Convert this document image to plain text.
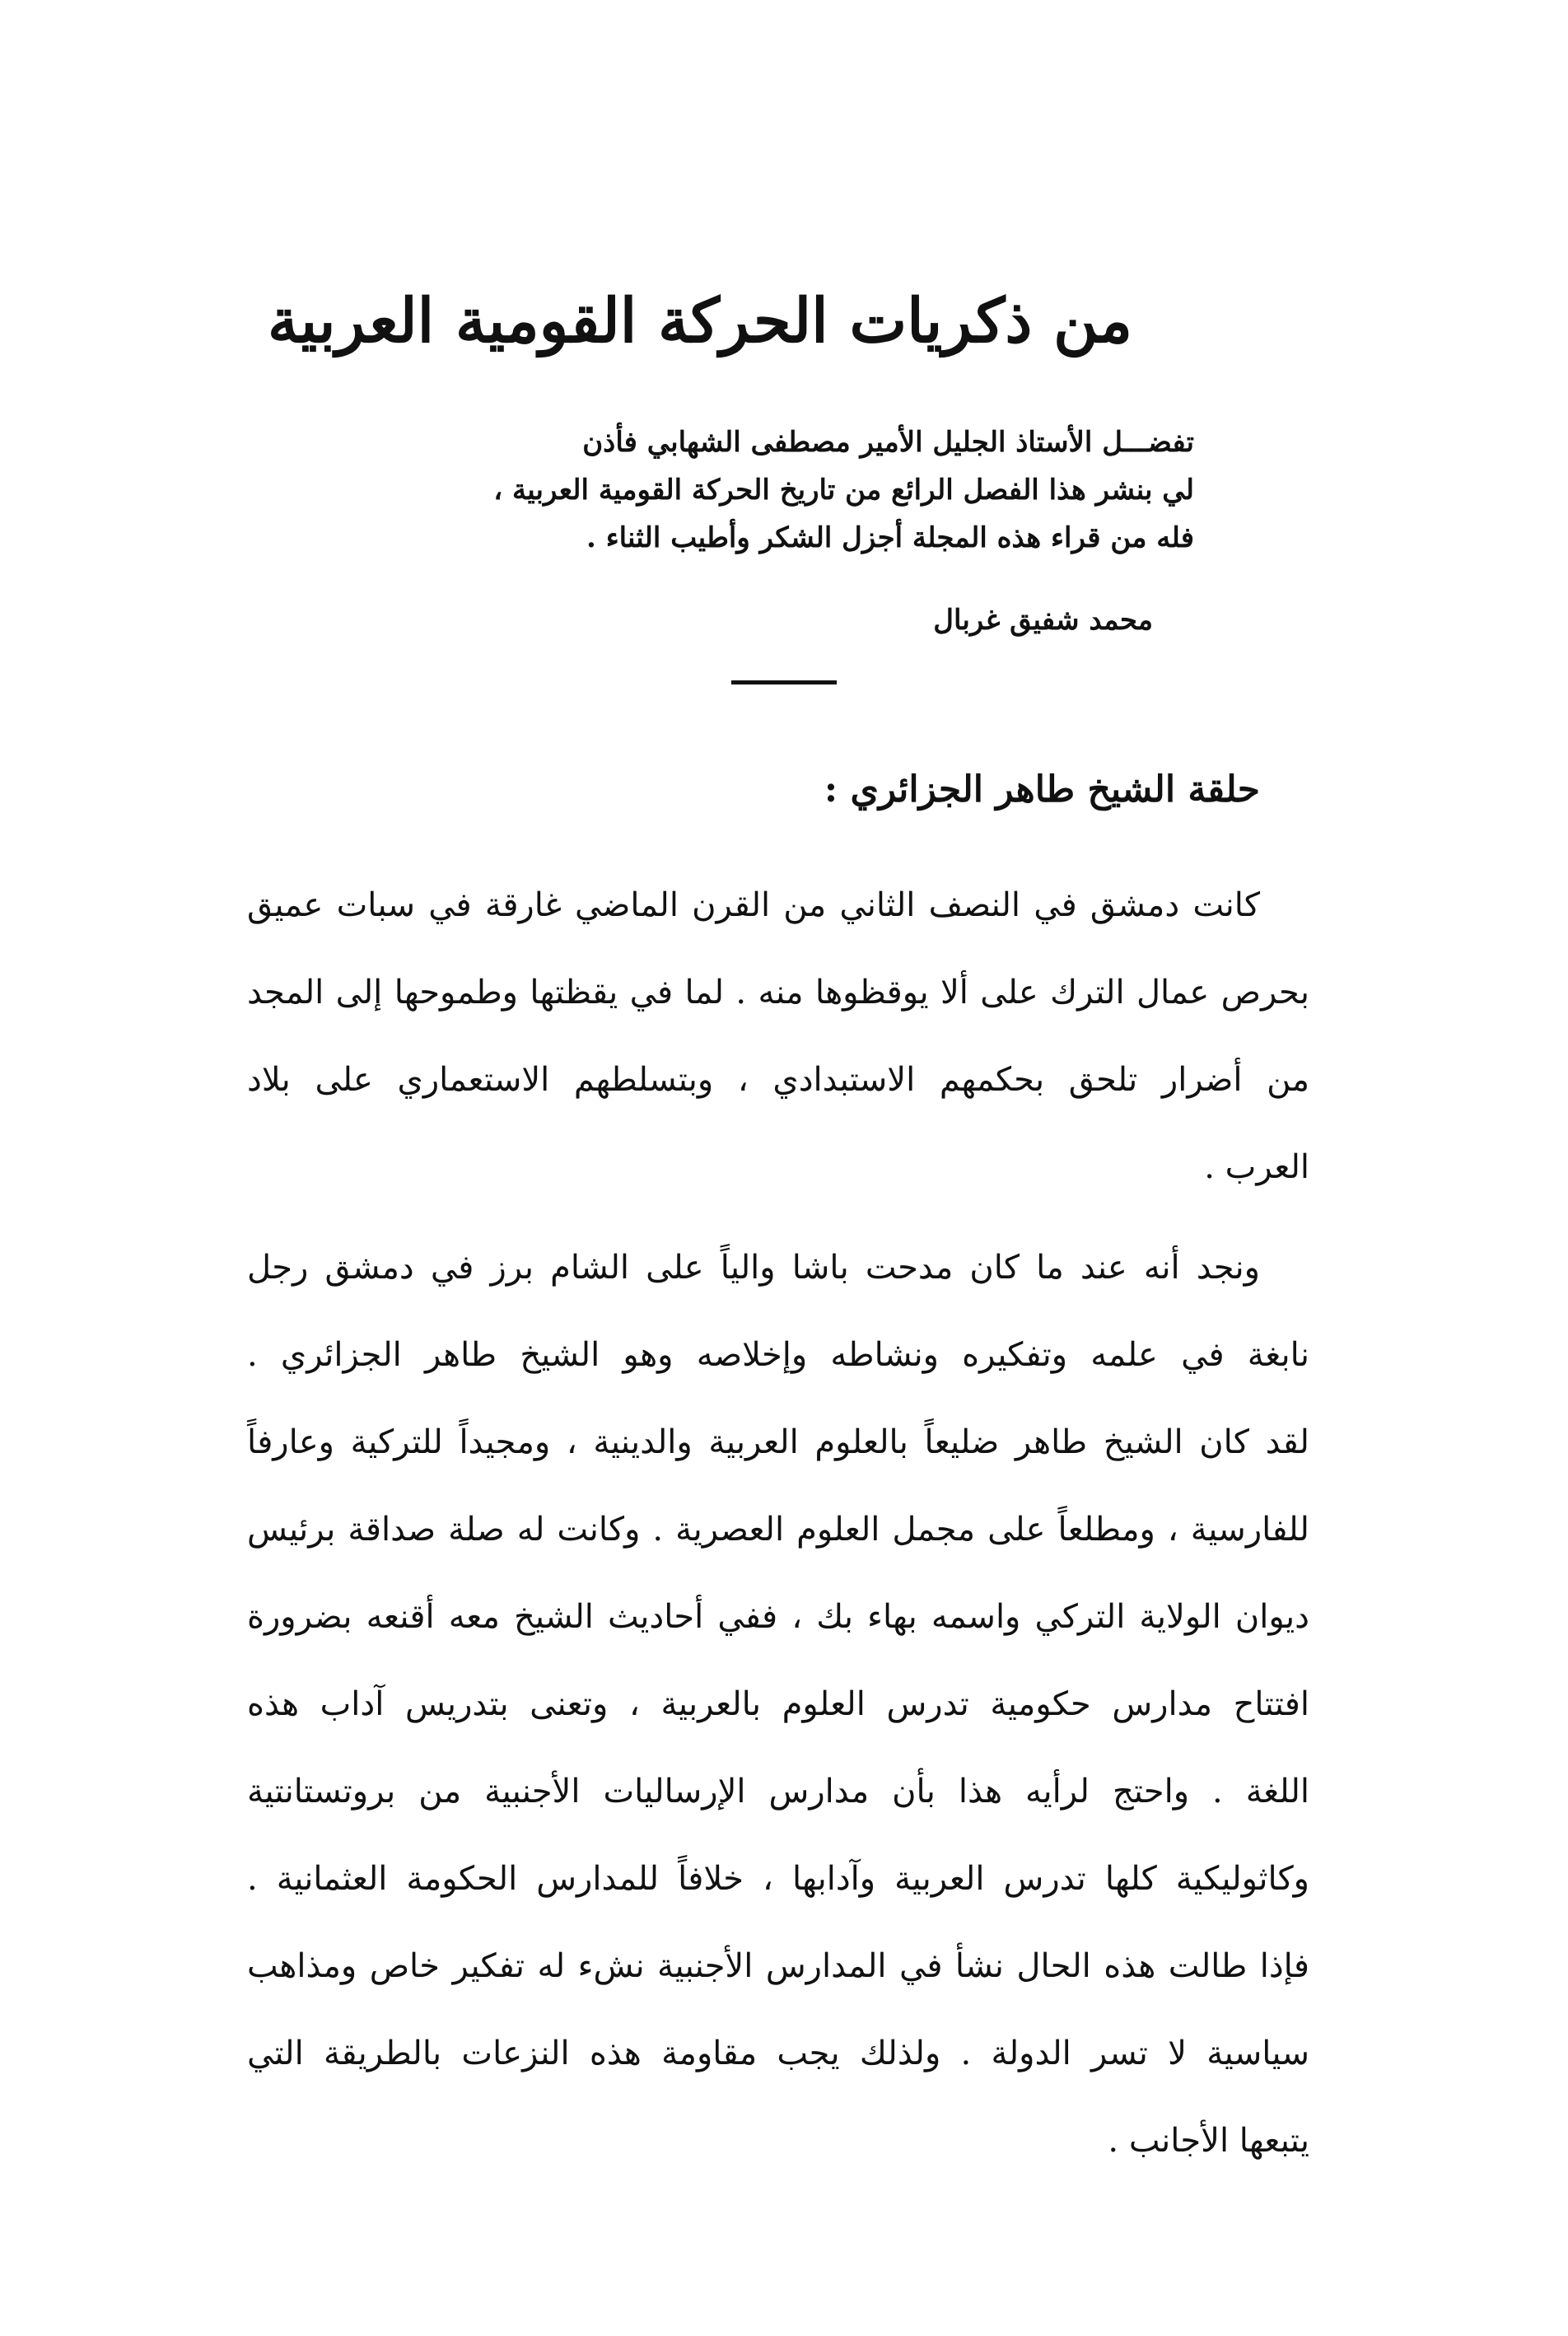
من ذكريات الحركة القومية العربية
تفضـــل الأستاذ الجليل الأمير مصطفى الشهابي فأذن
لي بنشر هذا الفصل الرائع من تاريخ الحركة القومية العربية ،
فله من قراء هذه المجلة أجزل الشكر وأطيب الثناء .
محمد شفيق غربال
حلقة الشيخ طاهر الجزائري :

كانت دمشق في النصف الثاني من القرن الماضي غارقة في سبات عميق
بحرص عمال الترك على ألا يوقظوها منه . لما في يقظتها وطموحها إلى المجد
من أضرار تلحق بحكمهم الاستبدادي ، وبتسلطهم الاستعماري على بلاد
العرب .

ونجد أنه عند ما كان مدحت باشا والياً على الشام برز في دمشق رجل
نابغة في علمه وتفكيره ونشاطه وإخلاصه وهو الشيخ طاهر الجزائري .
لقد كان الشيخ طاهر ضليعاً بالعلوم العربية والدينية ، ومجيداً للتركية وعارفاً
للفارسية ، ومطلعاً على مجمل العلوم العصرية . وكانت له صلة صداقة برئيس
ديوان الولاية التركي واسمه بهاء بك ، ففي أحاديث الشيخ معه أقنعه بضرورة
افتتاح مدارس حكومية تدرس العلوم بالعربية ، وتعنى بتدريس آداب هذه
اللغة . واحتج لرأيه هذا بأن مدارس الإرساليات الأجنبية من بروتستانتية
وكاثوليكية كلها تدرس العربية وآدابها ، خلافاً للمدارس الحكومة العثمانية .
فإذا طالت هذه الحال نشأ في المدارس الأجنبية نشء له تفكير خاص ومذاهب
سياسية لا تسر الدولة . ولذلك يجب مقاومة هذه النزعات بالطريقة التي
يتبعها الأجانب .
